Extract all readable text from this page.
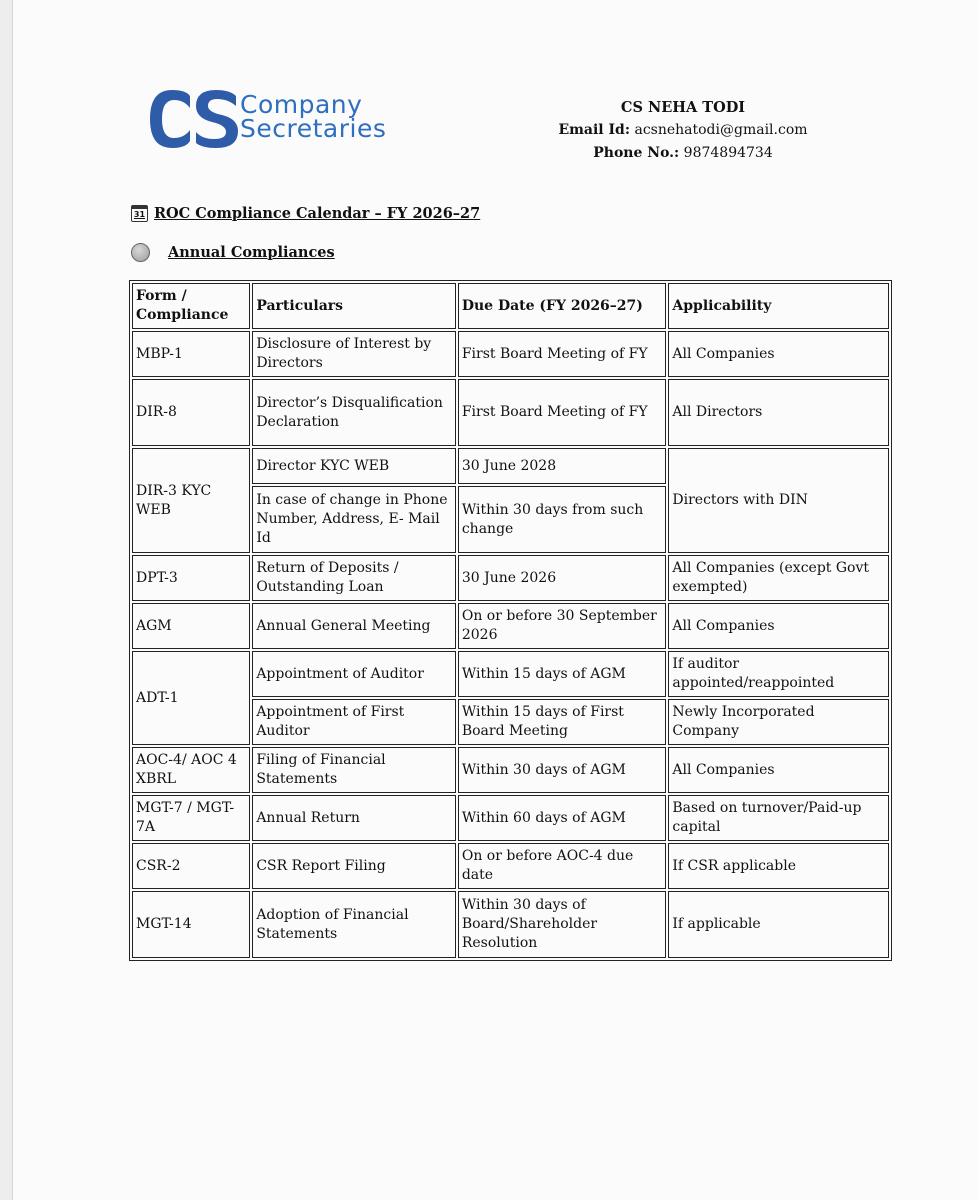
Company
Secretaries
CS NEHA TODI
Email Id: acsnehatodi@gmail.com
Phone No.: 9874894734
31 ROC Compliance Calendar – FY 2026–27
Annual Compliances
Form / Compliance	Particulars	Due Date (FY 2026–27)	Applicability
MBP-1	Disclosure of Interest by Directors	First Board Meeting of FY	All Companies
DIR-8	Director’s Disqualification Declaration	First Board Meeting of FY	All Directors
DIR-3 KYC WEB	Director KYC WEB	30 June 2028	Directors with DIN
	In case of change in Phone Number, Address, E- Mail Id	Within 30 days from such change	
DPT-3	Return of Deposits / Outstanding Loan	30 June 2026	All Companies (except Govt exempted)
AGM	Annual General Meeting	On or before 30 September 2026	All Companies
ADT-1	Appointment of Auditor	Within 15 days of AGM	If auditor appointed/reappointed
	Appointment of First Auditor	Within 15 days of First Board Meeting	Newly Incorporated Company
AOC-4/ AOC 4 XBRL	Filing of Financial Statements	Within 30 days of AGM	All Companies
MGT-7 / MGT-7A	Annual Return	Within 60 days of AGM	Based on turnover/Paid-up capital
CSR-2	CSR Report Filing	On or before AOC-4 due date	If CSR applicable
MGT-14	Adoption of Financial Statements	Within 30 days of Board/Shareholder Resolution	If applicable
